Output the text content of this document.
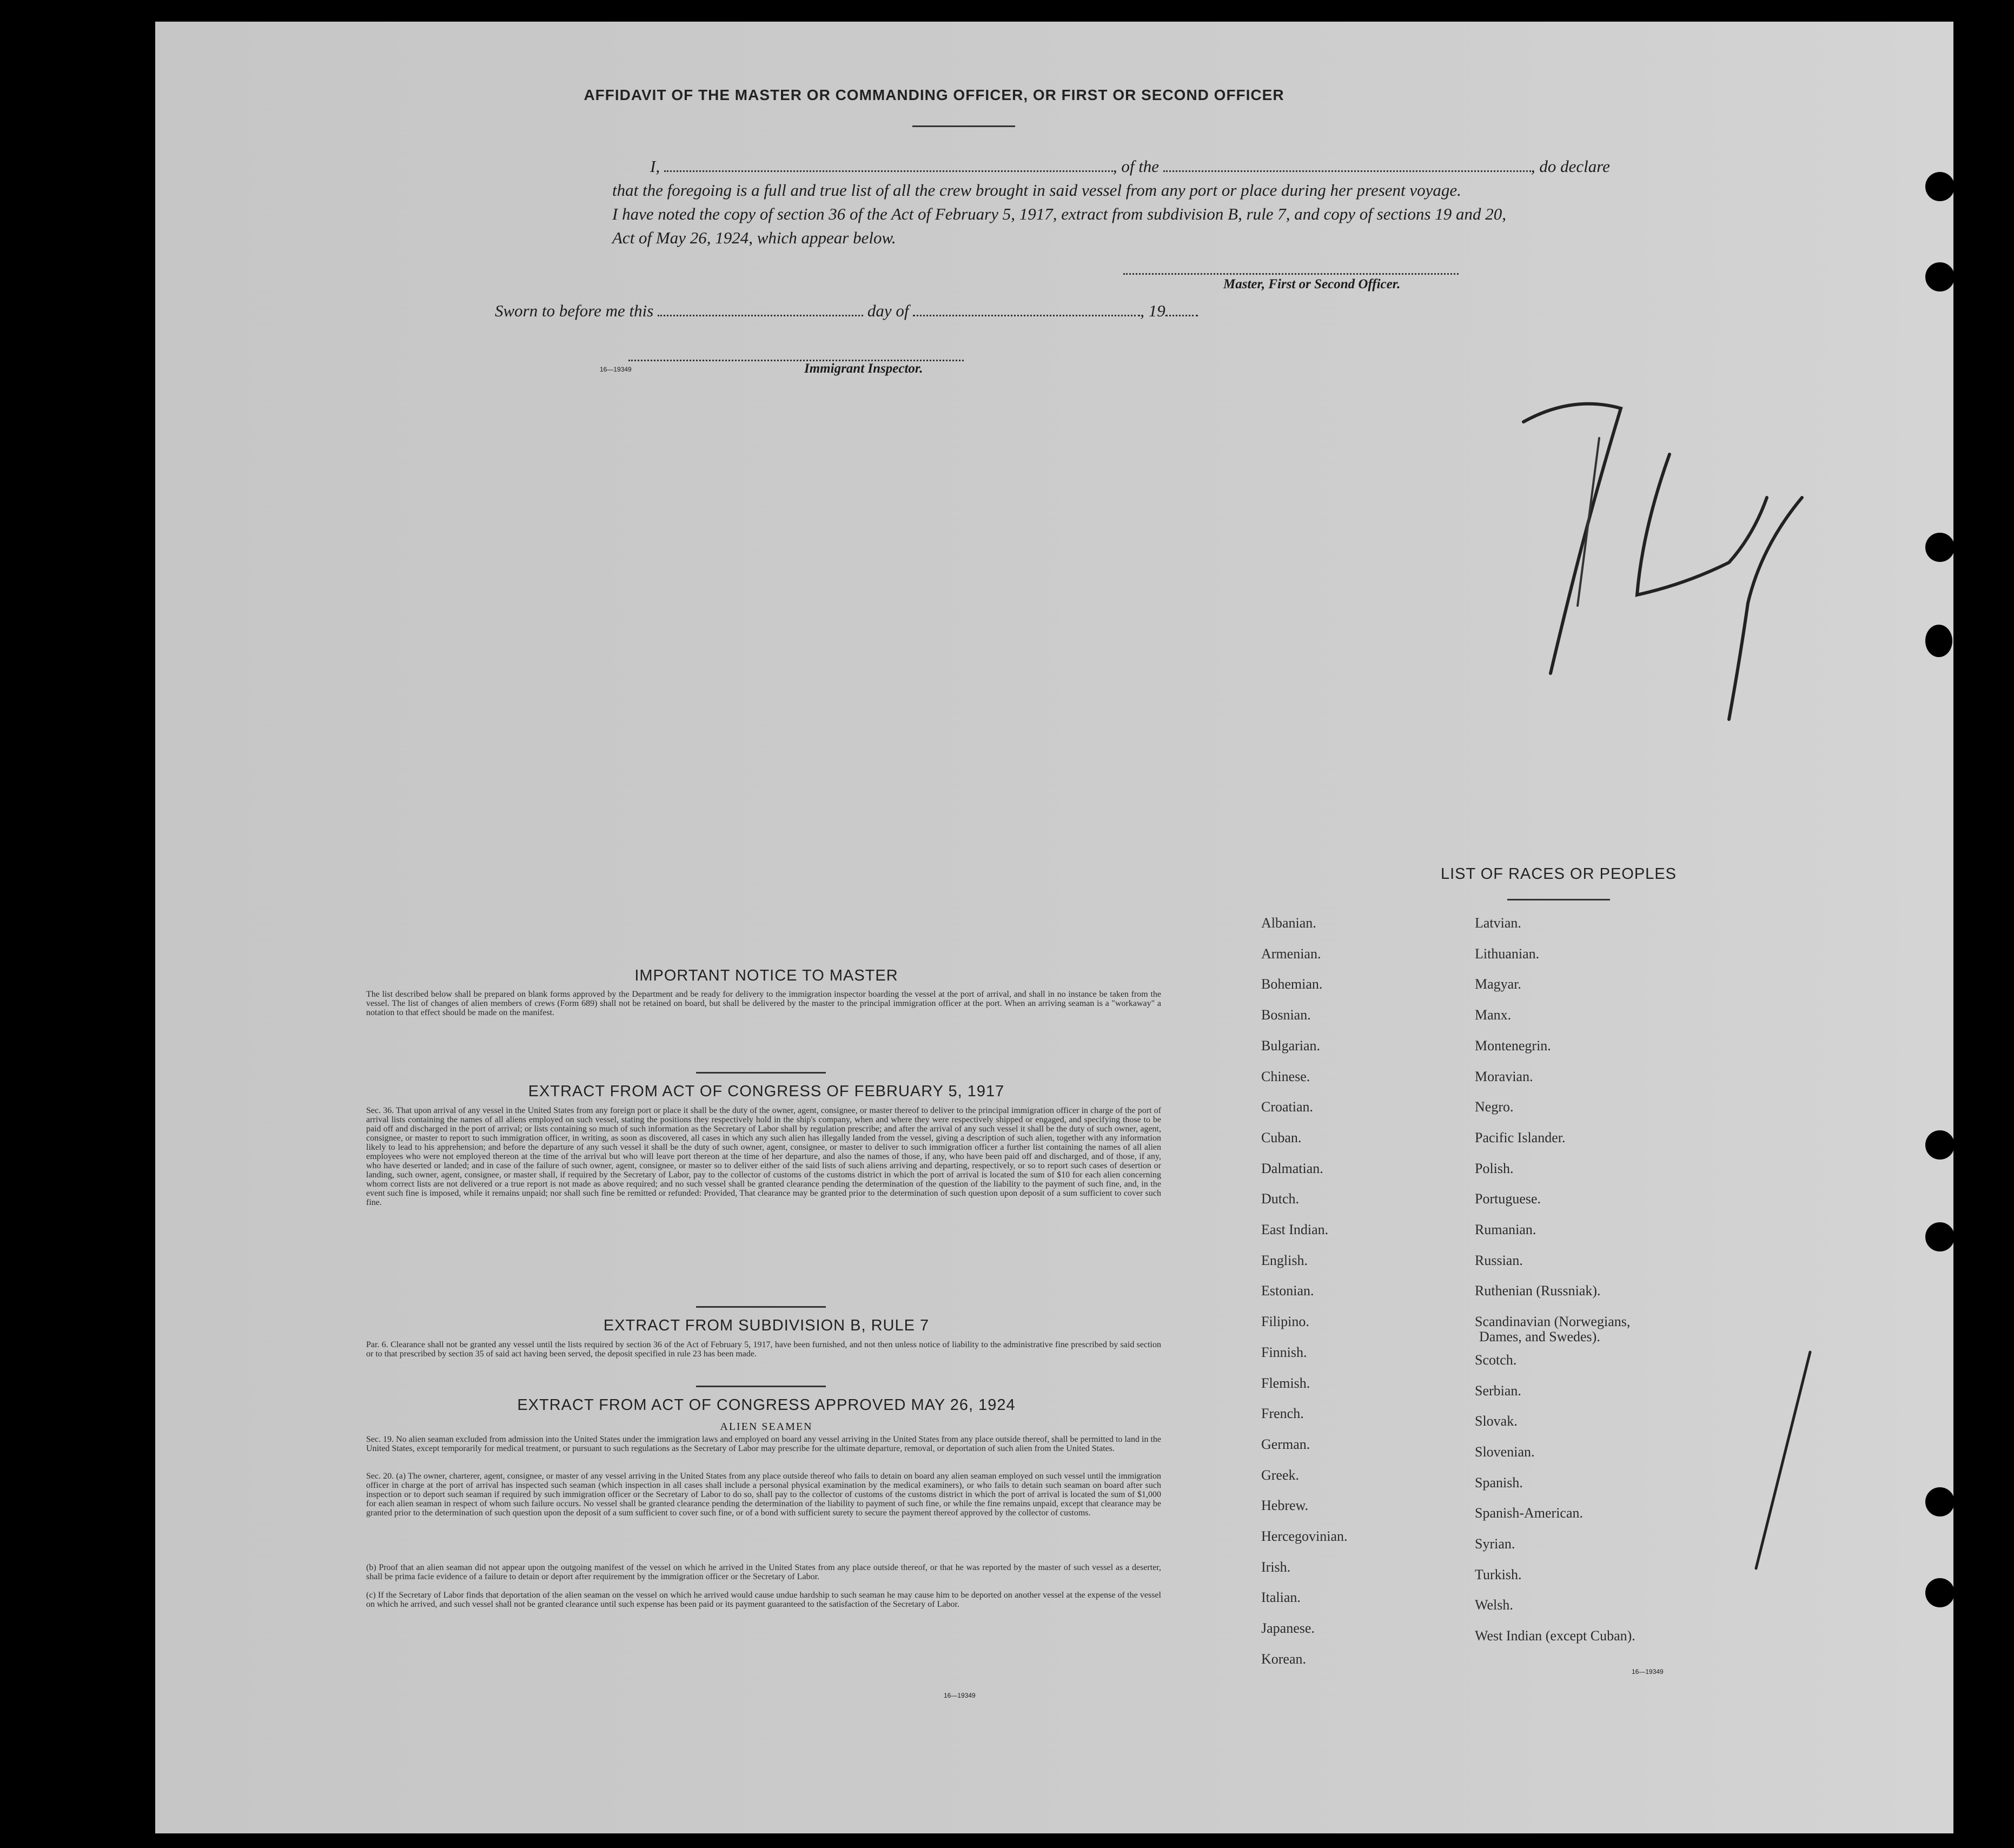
AFFIDAVIT OF THE MASTER OR COMMANDING OFFICER, OR FIRST OR SECOND OFFICER
I,	, of the	, do declare
that the foregoing is a full and true list of all the crew brought in said vessel from any port or place during her present voyage.
I have noted the copy of section 36 of the Act of February 5, 1917, extract from subdivision B, rule 7, and copy of sections 19 and 20,
Act of May 26, 1924, which appear below.
Master, First or Second Officer.
Sworn to before me this	day of	, 19
16—19349	Immigrant Inspector.
IMPORTANT NOTICE TO MASTER
The list described below shall be prepared on blank forms approved by the Department and be ready for delivery to the immigration inspector boarding the vessel at the port of arrival, and shall in no instance be taken from the vessel. The list of changes of alien members of crews (Form 689) shall not be retained on board, but shall be delivered by the master to the principal immigration officer at the port. When an arriving seaman is a "workaway" a notation to that effect should be made on the manifest.
EXTRACT FROM ACT OF CONGRESS OF FEBRUARY 5, 1917
Sec. 36. That upon arrival of any vessel in the United States from any foreign port or place it shall be the duty of the owner, agent, consignee, or master thereof to deliver to the principal immigration officer in charge of the port of arrival lists containing the names of all aliens employed on such vessel, stating the positions they respectively hold in the ship's company, when and where they were respectively shipped or engaged, and specifying those to be paid off and discharged in the port of arrival; or lists containing so much of such information as the Secretary of Labor shall by regulation prescribe; and after the arrival of any such vessel it shall be the duty of such owner, agent, consignee, or master to report to such immigration officer, in writing, as soon as discovered, all cases in which any such alien has illegally landed from the vessel, giving a description of such alien, together with any information likely to lead to his apprehension; and before the departure of any such vessel it shall be the duty of such owner, agent, consignee, or master to deliver to such immigration officer a further list containing the names of all alien employees who were not employed thereon at the time of the arrival but who will leave port thereon at the time of her departure, and also the names of those, if any, who have been paid off and discharged, and of those, if any, who have deserted or landed; and in case of the failure of such owner, agent, consignee, or master so to deliver either of the said lists of such aliens arriving and departing, respectively, or so to report such cases of desertion or landing, such owner, agent, consignee, or master shall, if required by the Secretary of Labor, pay to the collector of customs of the customs district in which the port of arrival is located the sum of $10 for each alien concerning whom correct lists are not delivered or a true report is not made as above required; and no such vessel shall be granted clearance pending the determination of the question of the liability to the payment of such fine, and, in the event such fine is imposed, while it remains unpaid; nor shall such fine be remitted or refunded: Provided, That clearance may be granted prior to the determination of such question upon deposit of a sum sufficient to cover such fine.
EXTRACT FROM SUBDIVISION B, RULE 7
Par. 6. Clearance shall not be granted any vessel until the lists required by section 36 of the Act of February 5, 1917, have been furnished, and not then unless notice of liability to the administrative fine prescribed by said section or to that prescribed by section 35 of said act having been served, the deposit specified in rule 23 has been made.
EXTRACT FROM ACT OF CONGRESS APPROVED MAY 26, 1924
ALIEN SEAMEN
Sec. 19. No alien seaman excluded from admission into the United States under the immigration laws and employed on board any vessel arriving in the United States from any place outside thereof, shall be permitted to land in the United States, except temporarily for medical treatment, or pursuant to such regulations as the Secretary of Labor may prescribe for the ultimate departure, removal, or deportation of such alien from the United States.
Sec. 20. (a) The owner, charterer, agent, consignee, or master of any vessel arriving in the United States from any place outside thereof who fails to detain on board any alien seaman employed on such vessel until the immigration officer in charge at the port of arrival has inspected such seaman (which inspection in all cases shall include a personal physical examination by the medical examiners), or who fails to detain such seaman on board after such inspection or to deport such seaman if required by such immigration officer or the Secretary of Labor to do so, shall pay to the collector of customs of the customs district in which the port of arrival is located the sum of $1,000 for each alien seaman in respect of whom such failure occurs. No vessel shall be granted clearance pending the determination of the liability to payment of such fine, or while the fine remains unpaid, except that clearance may be granted prior to the determination of such question upon the deposit of a sum sufficient to cover such fine, or of a bond with sufficient surety to secure the payment thereof approved by the collector of customs.
(b) Proof that an alien seaman did not appear upon the outgoing manifest of the vessel on which he arrived in the United States from any place outside thereof, or that he was reported by the master of such vessel as a deserter, shall be prima facie evidence of a failure to detain or deport after requirement by the immigration officer or the Secretary of Labor.
(c) If the Secretary of Labor finds that deportation of the alien seaman on the vessel on which he arrived would cause undue hardship to such seaman he may cause him to be deported on another vessel at the expense of the vessel on which he arrived, and such vessel shall not be granted clearance until such expense has been paid or its payment guaranteed to the satisfaction of the Secretary of Labor.
16—19349
LIST OF RACES OR PEOPLES
Albanian.
Armenian.
Bohemian.
Bosnian.
Bulgarian.
Chinese.
Croatian.
Cuban.
Dalmatian.
Dutch.
East Indian.
English.
Estonian.
Filipino.
Finnish.
Flemish.
French.
German.
Greek.
Hebrew.
Hercegovinian.
Irish.
Italian.
Japanese.
Korean.
Latvian.
Lithuanian.
Magyar.
Manx.
Montenegrin.
Moravian.
Negro.
Pacific Islander.
Polish.
Portuguese.
Rumanian.
Russian.
Ruthenian (Russniak).
Scandinavian (Norwegians,
Dames, and Swedes).
Scotch.
Serbian.
Slovak.
Slovenian.
Spanish.
Spanish-American.
Syrian.
Turkish.
Welsh.
West Indian (except Cuban).
16—19349
